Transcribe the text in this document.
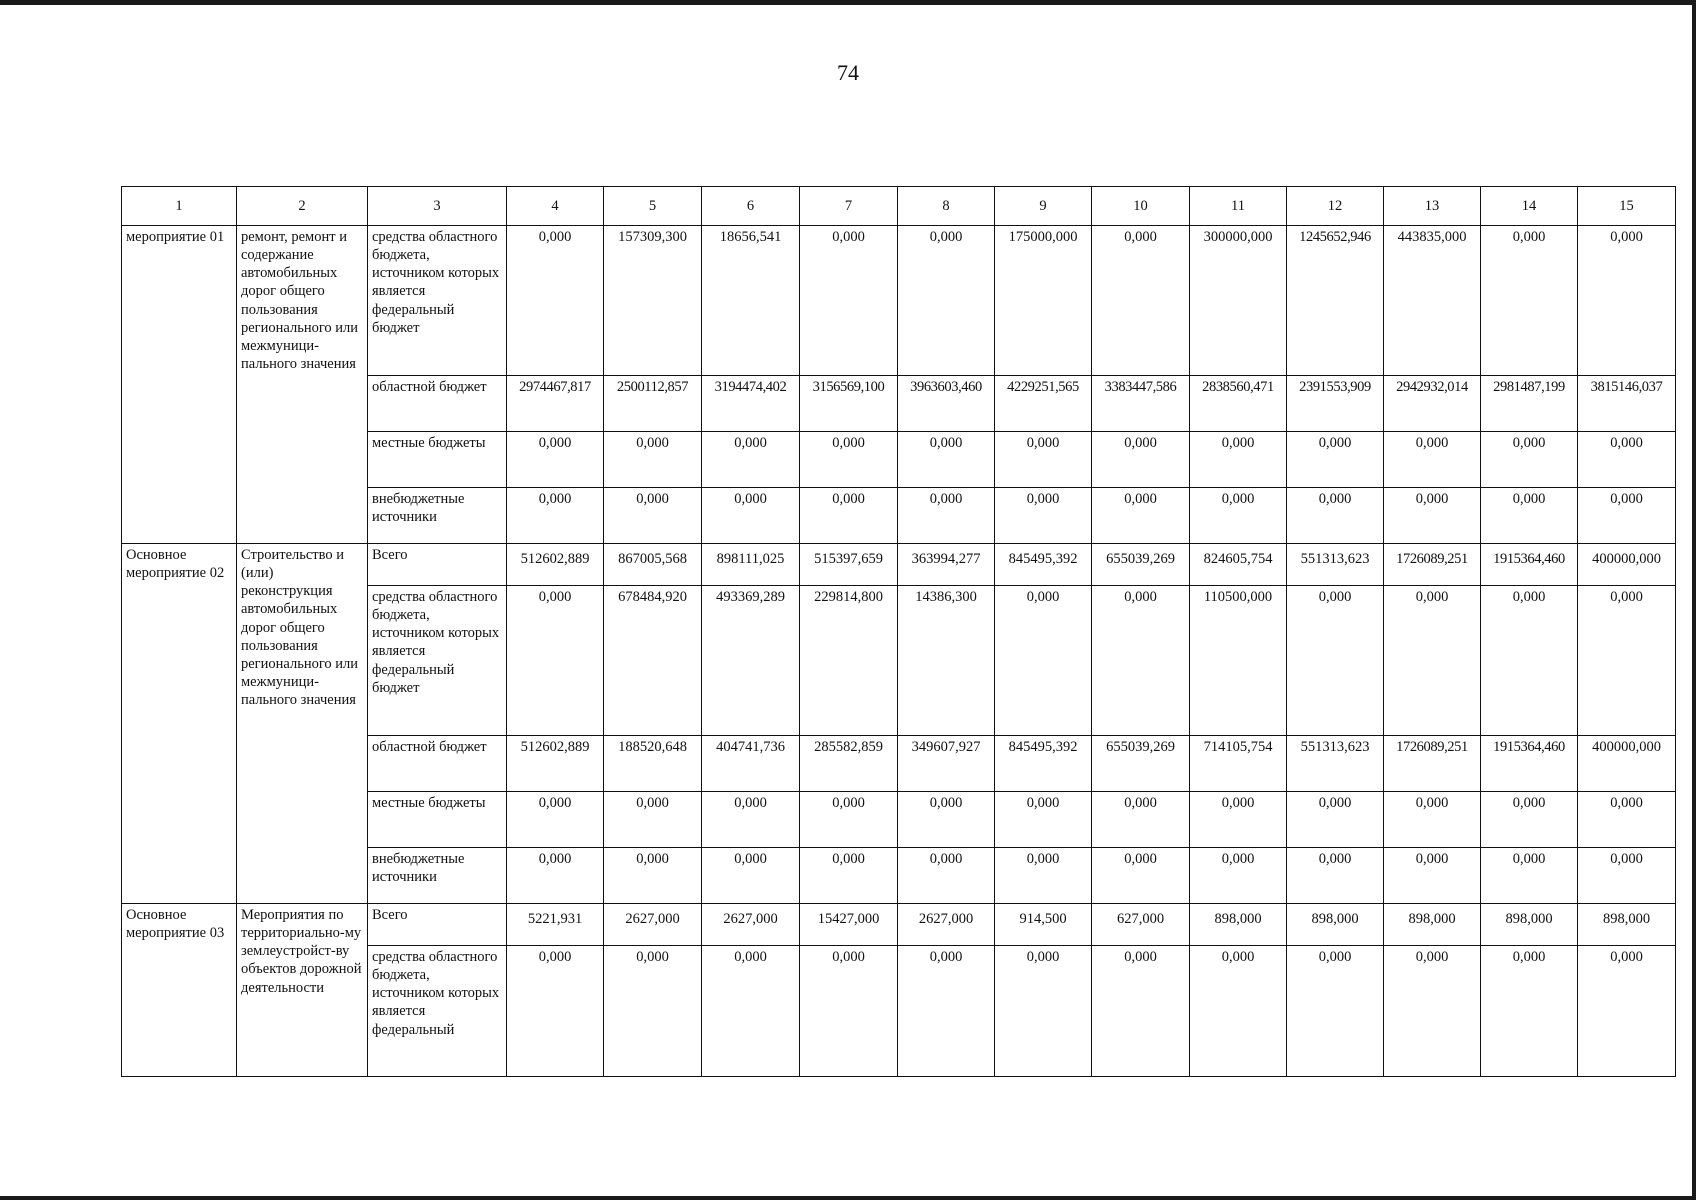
74
1	2	3	4	5	6	7	8	9	10	11	12	13	14	15
мероприятие 01	ремонт, ремонт и содержание автомобильных дорог общего пользования регионального или межмуници-пального значения	средства областного бюджета, источником которых является федеральный бюджет	0,000	157309,300	18656,541	0,000	0,000	175000,000	0,000	300000,000	1245652,946	443835,000	0,000	0,000
		областной бюджет	2974467,817	2500112,857	3194474,402	3156569,100	3963603,460	4229251,565	3383447,586	2838560,471	2391553,909	2942932,014	2981487,199	3815146,037
		местные бюджеты	0,000	0,000	0,000	0,000	0,000	0,000	0,000	0,000	0,000	0,000	0,000	0,000
		внебюджетные источники	0,000	0,000	0,000	0,000	0,000	0,000	0,000	0,000	0,000	0,000	0,000	0,000
Основное мероприятие 02	Строительство и (или) реконструкция автомобильных дорог общего пользования регионального или межмуници-пального значения	Всего	512602,889	867005,568	898111,025	515397,659	363994,277	845495,392	655039,269	824605,754	551313,623	1726089,251	1915364,460	400000,000
		средства областного бюджета, источником которых является федеральный бюджет	0,000	678484,920	493369,289	229814,800	14386,300	0,000	0,000	110500,000	0,000	0,000	0,000	0,000
		областной бюджет	512602,889	188520,648	404741,736	285582,859	349607,927	845495,392	655039,269	714105,754	551313,623	1726089,251	1915364,460	400000,000
		местные бюджеты	0,000	0,000	0,000	0,000	0,000	0,000	0,000	0,000	0,000	0,000	0,000	0,000
		внебюджетные источники	0,000	0,000	0,000	0,000	0,000	0,000	0,000	0,000	0,000	0,000	0,000	0,000
Основное мероприятие 03	Мероприятия по территориально-му землеустройст-ву объектов дорожной деятельности	Всего	5221,931	2627,000	2627,000	15427,000	2627,000	914,500	627,000	898,000	898,000	898,000	898,000	898,000
		средства областного бюджета, источником которых является федеральный	0,000	0,000	0,000	0,000	0,000	0,000	0,000	0,000	0,000	0,000	0,000	0,000
